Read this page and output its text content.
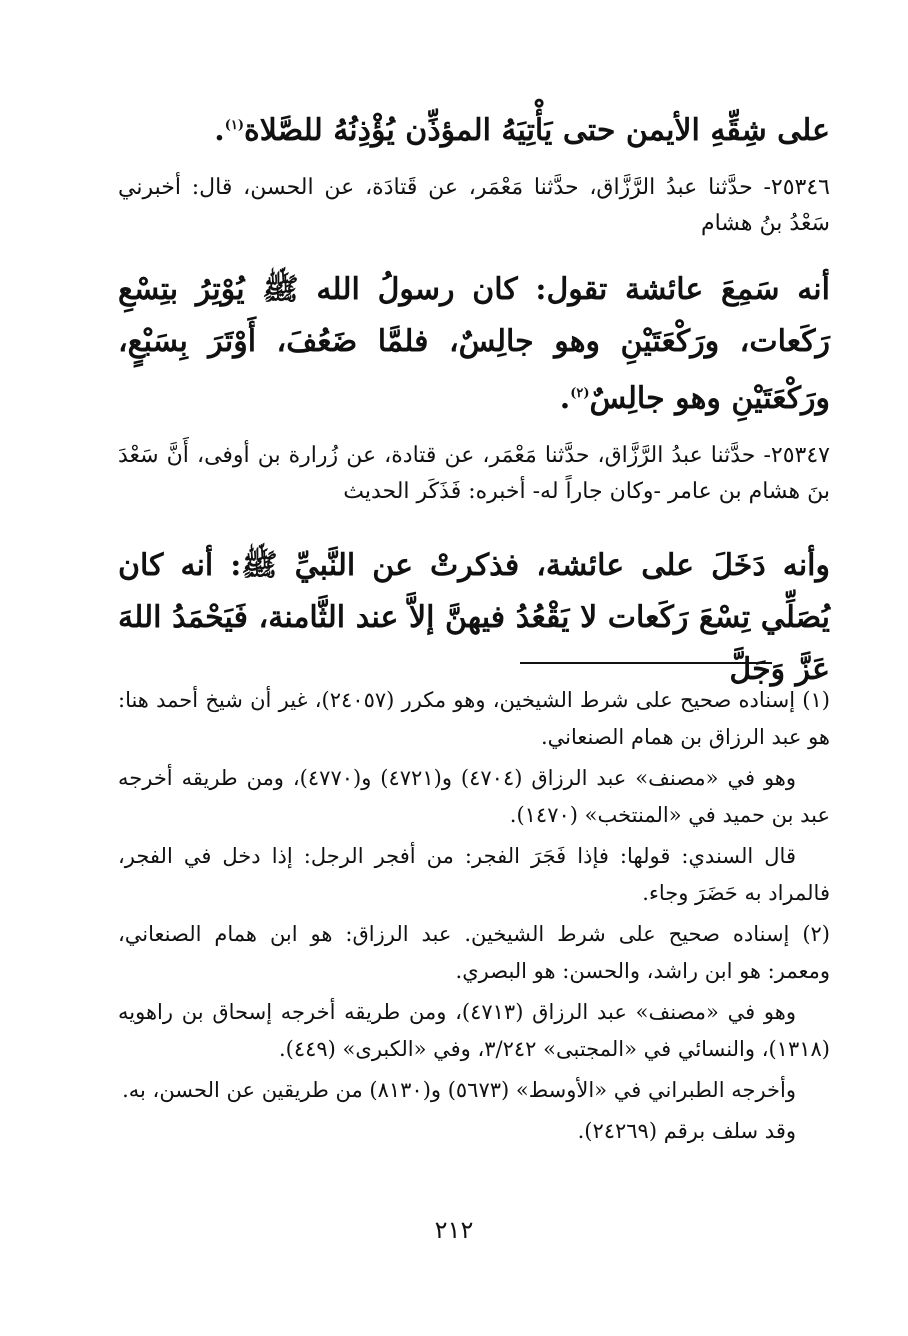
على شِقِّهِ الأيمن حتى يَأْتِيَهُ المؤذِّن يُؤْذِنُهُ للصَّلاة$^{(١)}$.
٢٥٣٤٦- حدَّثنا عبدُ الرَّزَّاق، حدَّثنا مَعْمَر، عن قَتادَة، عن الحسن، قال: أخبرني سَعْدُ بنُ هشام
أنه سَمِعَ عائشة تقول: كان رسولُ الله ﷺ يُوْتِرُ بتِسْعِ رَكَعات، ورَكْعَتَيْنِ وهو جالِسٌ، فلمَّا ضَعُفَ، أَوْتَرَ بِسَبْعٍ، ورَكْعَتَيْنِ وهو جالِسٌ$^{(٢)}$.
٢٥٣٤٧- حدَّثنا عبدُ الرَّزَّاق، حدَّثنا مَعْمَر، عن قتادة، عن زُرارة بن أوفى، أَنَّ سَعْدَ بنَ هشام بن عامر -وكان جاراً له- أخبره: فَذَكَر الحديث
وأنه دَخَلَ على عائشة، فذكرتْ عن النَّبيِّ ﷺ: أنه كان يُصَلِّي تِسْعَ رَكَعات لا يَقْعُدُ فيهنَّ إلاَّ عند الثَّامنة، فَيَحْمَدُ اللهَ عَزَّ وَجَلَّ

(١) إسناده صحيح على شرط الشيخين، وهو مكرر (٢٤٠٥٧)، غير أن شيخ أحمد هنا: هو عبد الرزاق بن همام الصنعاني.

وهو في «مصنف» عبد الرزاق (٤٧٠٤) و(٤٧٢١) و(٤٧٧٠)، ومن طريقه أخرجه عبد بن حميد في «المنتخب» (١٤٧٠).

قال السندي: قولها: فإذا فَجَرَ الفجر: من أفجر الرجل: إذا دخل في الفجر، فالمراد به حَضَرَ وجاء.

(٢) إسناده صحيح على شرط الشيخين. عبد الرزاق: هو ابن همام الصنعاني، ومعمر: هو ابن راشد، والحسن: هو البصري.

وهو في «مصنف» عبد الرزاق (٤٧١٣)، ومن طريقه أخرجه إسحاق بن راهويه (١٣١٨)، والنسائي في «المجتبى» ٣/٢٤٢، وفي «الكبرى» (٤٤٩).

وأخرجه الطبراني في «الأوسط» (٥٦٧٣) و(٨١٣٠) من طريقين عن الحسن، به.

وقد سلف برقم (٢٤٢٦٩).

٢١٢
